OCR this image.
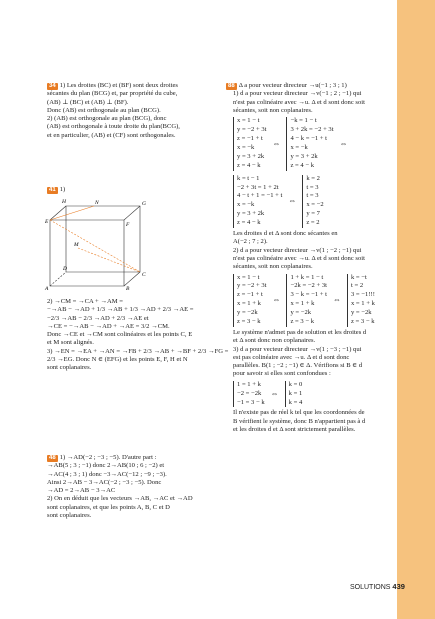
34 1) Les droites (BC) et (BF) sont deux droites
sécantes du plan (BCG) et, par propriété du cube,
(AB) ⊥ (BC) et (AB) ⊥ (BF).
Donc (AB) est orthogonale au plan (BCG).
2) (AB) est orthogonale au plan (BCG), donc
(AB) est orthogonale à toute droite du plan(BCG),
et en particulier, (AB) et (CF) sont orthogonales.
41 1)
H	G
E	F
N
M
D
C
A	B
2) →CM = →CA + →AM =
−→AB − →AD + 1/3 →AB + 1/3 →AD + 2/3 →AE =
−2/3 →AB − 2/3 →AD + 2/3 →AE et
→CE = −→AB − →AD + →AE = 3/2 →CM.
Donc →CE et →CM sont colinéaires et les points C, E
et M sont alignés.
3) →EN = →EA + →AN = →FB + 2/3 →AB + →BF + 2/3 →FG =
2/3 →EG. Donc N ∈ (EFG) et les points E, F, H et N
sont coplanaires.
48 1) →AD(−2 ; −3 ; −5). D'autre part :
→AB(5 ; 3 ; −1) donc 2→AB(10 ; 6 ; −2) et
→AC(4 ; 3 ; 1) donc −3→AC(−12 ; −9 ; −3).
Ainsi 2→AB − 3→AC(−2 ; −3 ; −5). Donc
→AD = 2→AB − 3→AC
2) On en déduit que les vecteurs →AB, →AC et →AD
sont coplanaires, et que les points A, B, C et D
sont coplanaires.
88 Δ a pour vecteur directeur →u(−1 ; 3 ; 1)
1) d a pour vecteur directeur →v(−1 ; 2 ; −1) qui
n'est pas colinéaire avec →u. Δ et d sont donc soit
sécantes, soit non coplanaires.
x = 1 − t
y = −2 + 3t
z = −1 + t
x = −k
y = 3 + 2k
z = 4 − k
⇔
−k = 1 − t
3 + 2k = −2 + 3t
4 − k = −1 + t
x = −k
y = 3 + 2k
z = 4 − k
⇔
k = t − 1
−2 + 3t = 1 + 2t
4 − t + 1 = −1 + t
x = −k
y = 3 + 2k
z = 4 − k
⇔
k = 2
t = 3
t = 3
x = −2
y = 7
z = 2
Les droites d et Δ sont donc sécantes en
A(−2 ; 7 ; 2).
2) d a pour vecteur directeur →v(1 ; −2 ; −1) qui
n'est pas colinéaire avec →u. Δ et d sont donc soit
sécantes, soit non coplanaires.
x = 1 − t
y = −2 + 3t
z = −1 + t
x = 1 + k
y = −2k
z = 3 − k
⇔
1 + k = 1 − t
−2k = −2 + 3t
3 − k = −1 + t
x = 1 + k
y = −2k
z = 3 − k
⇔
k = −t
t = 2
3 = −1!!!
x = 1 + k
y = −2k
z = 3 − k
Le système n'admet pas de solution et les droites d
et Δ sont donc non coplanaires.
3) d a pour vecteur directeur →v(1 ; −3 ; −1) qui
est pas colinéaire avec →u. Δ et d sont donc
parallèles. B(1 ; −2 ; −1) ∈ Δ. Vérifions si B ∈ d
pour savoir si elles sont confondues :
1 = 1 + k
−2 = −2k
−1 = 3 − k
⇔
k = 0
k = 1
k = 4
Il n'existe pas de réel k tel que les coordonnées de
B vérifient le système, donc B n'appartient pas à d
et les droites d et Δ sont strictement parallèles.
SOLUTIONS 439
